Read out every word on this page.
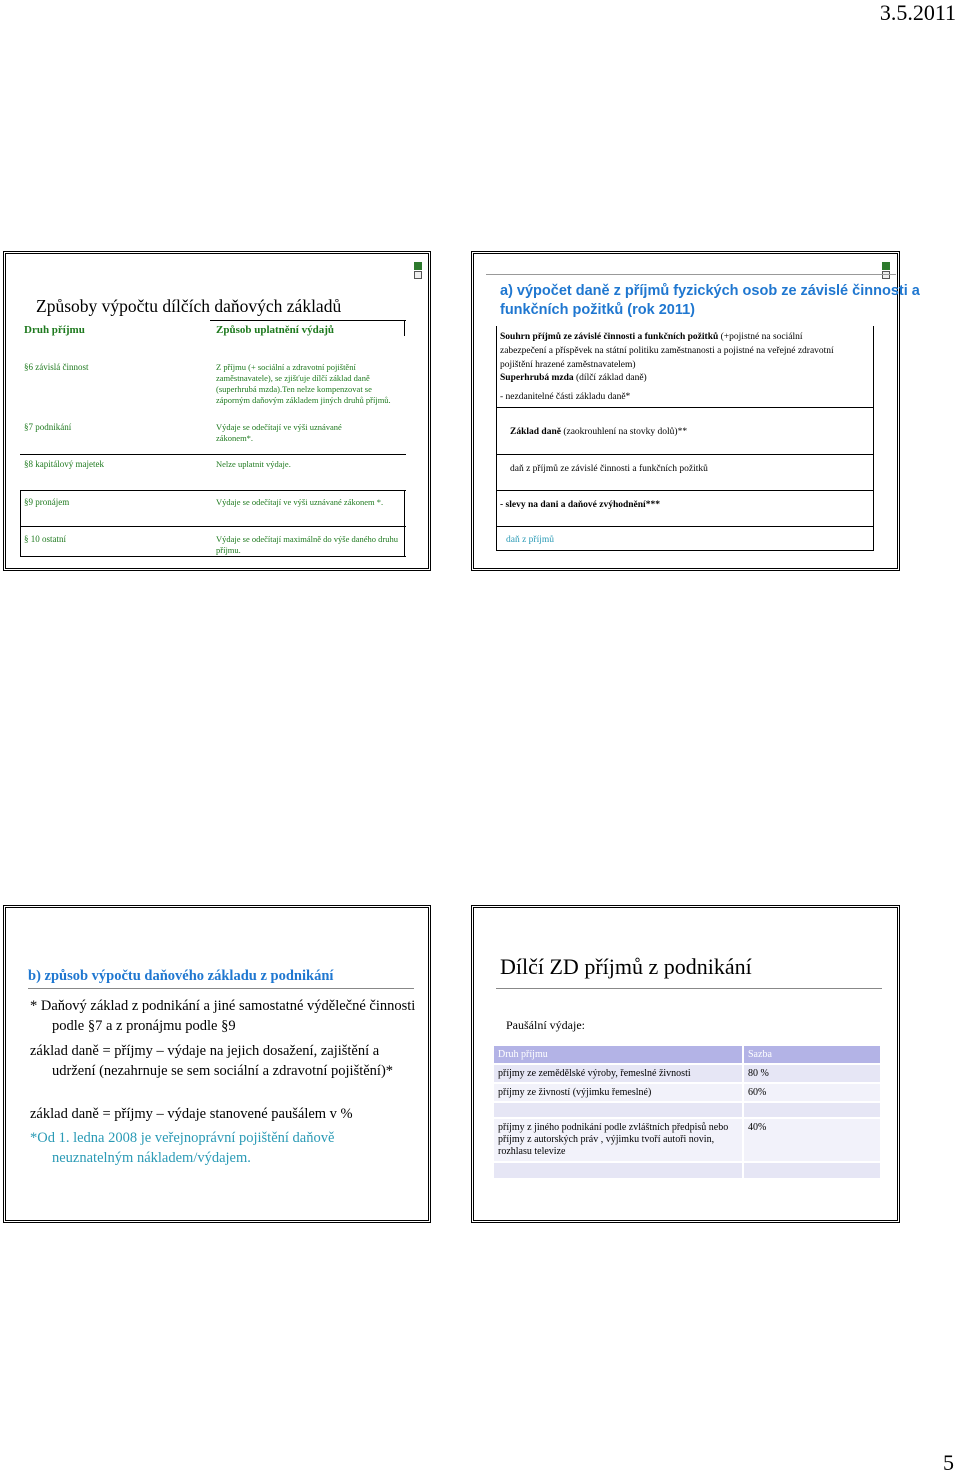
3.5.2011
Způsoby výpočtu dílčích daňových základů
Druh příjmu	Způsob uplatnění výdajů
§6 závislá činnost	Z příjmu (+ sociální a zdravotní pojištění zaměstnavatele), se zjišťuje dílčí základ daně (superhrubá mzda).Ten nelze kompenzovat se záporným daňovým základem jiných druhů příjmů.
§7 podnikání	Výdaje se odečítají ve výši uznávané zákonem*.
§8 kapitálový majetek	Nelze uplatnit výdaje.
§9 pronájem	Výdaje se odečítají ve výši uznávané zákonem *.
§ 10 ostatní	Výdaje se odečítají maximálně do výše daného druhu příjmu.
a) výpočet daně z příjmů fyzických osob ze závislé činnosti a funkčních požitků (rok 2011)
Souhrn příjmů ze závislé činnosti a funkčních požitků (+pojistné na sociální zabezpečení a příspěvek na státní politiku zaměstnanosti a pojistné na veřejné zdravotní pojištění hrazené zaměstnavatelem)
Superhrubá mzda (dílčí základ daně)
- nezdanitelné části základu daně*
Základ daně (zaokrouhlení na stovky dolů)**
daň z příjmů ze závislé činnosti a funkčních požitků
- slevy na dani a daňové zvýhodnění***
daň z příjmů
b) způsob výpočtu daňového základu z podnikání
* Daňový základ z podnikání a jiné samostatné výdělečné činnosti podle §7 a z pronájmu podle §9
základ daně = příjmy – výdaje na jejich dosažení, zajištění a udržení (nezahrnuje se sem sociální a zdravotní pojištění)*
základ daně = příjmy – výdaje stanovené paušálem v %
*Od 1. ledna 2008 je veřejnoprávní pojištění daňově neuznatelným nákladem/výdajem.
Dílčí ZD příjmů z podnikání
Paušální výdaje:
Druh příjmu	Sazba
příjmy ze zemědělské výroby, řemeslné živnosti	80 %
příjmy ze živností (výjimku řemeslné)	60%

příjmy z jiného podnikání podle zvláštních předpisů nebo příjmy z autorských práv , výjimku tvoří autoři novin, rozhlasu televize	40%

5
